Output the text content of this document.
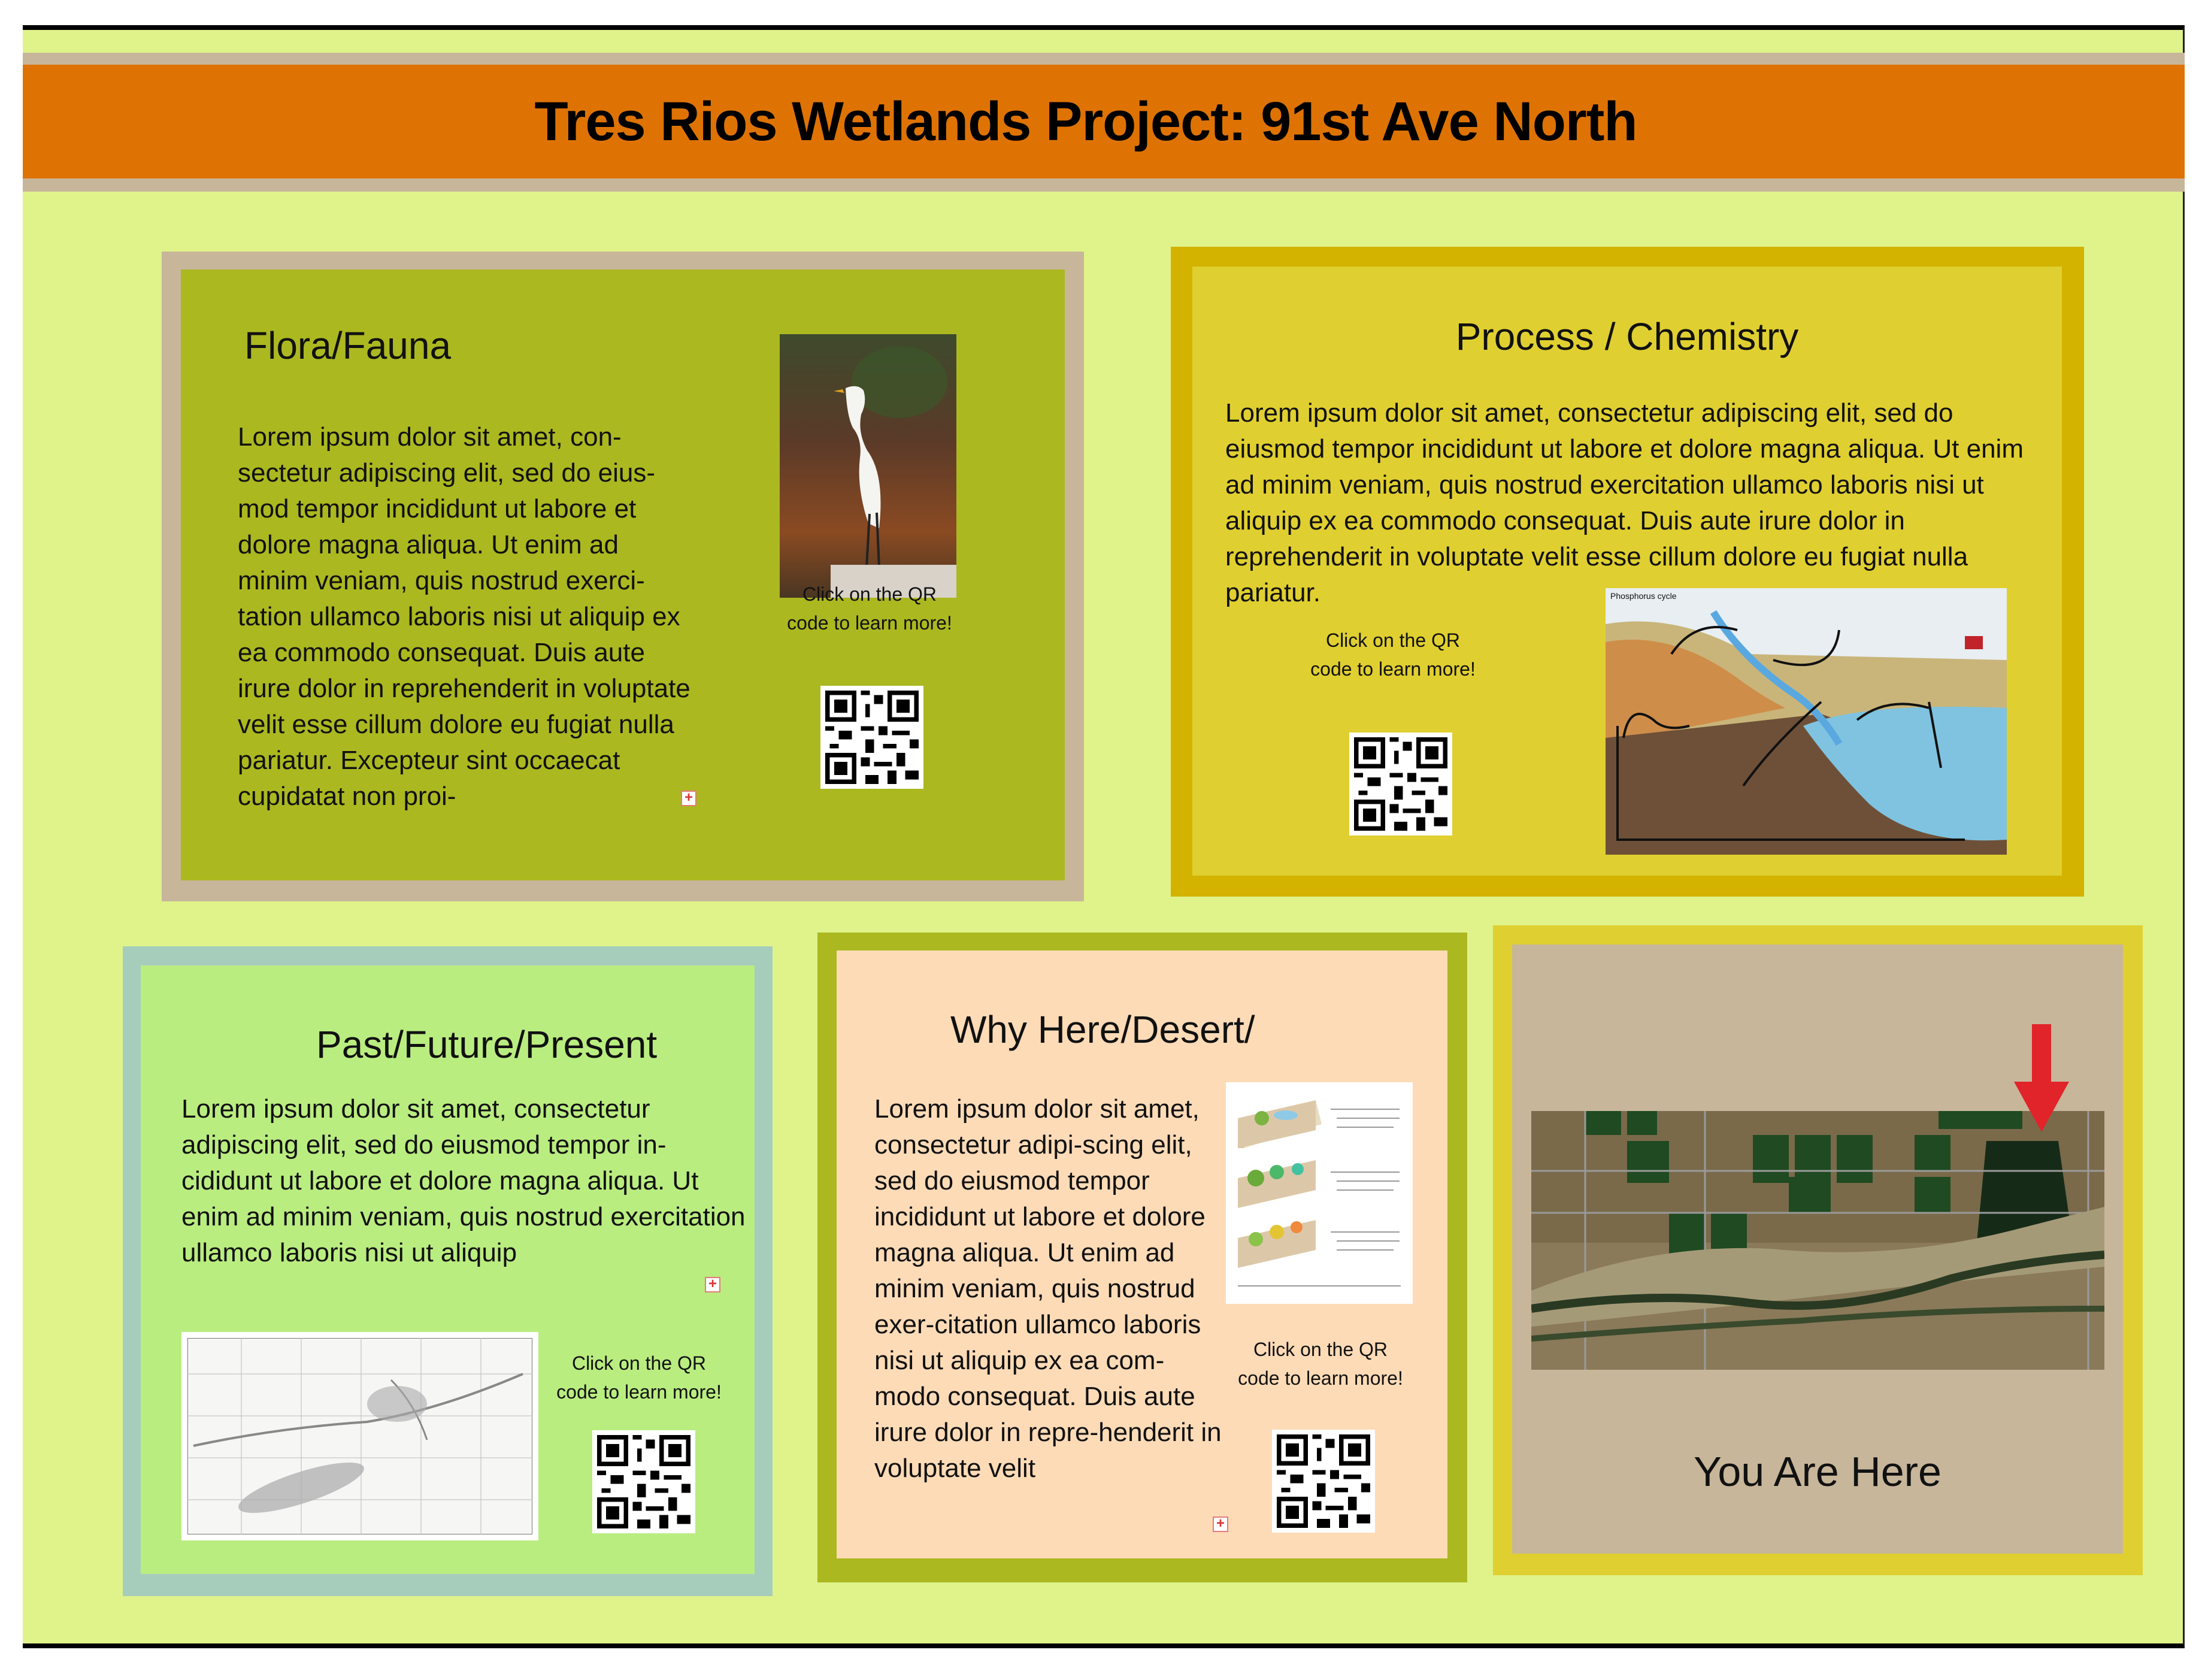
Tres Rios Wetlands Project: 91st Ave North
Flora/Fauna
Lorem ipsum dolor sit amet, con-sectetur adipiscing elit, sed do eius-mod tempor incididunt ut labore et dolore magna aliqua. Ut enim ad minim veniam, quis nostrud exerci-tation ullamco laboris nisi ut aliquip ex ea commodo consequat. Duis aute irure dolor in reprehenderit in voluptate velit esse cillum dolore eu fugiat nulla pariatur. Excepteur sint occaecat cupidatat non proi-	+
Click on the QR
code to learn more!
Process / Chemistry
Lorem ipsum dolor sit amet, consectetur adipiscing elit, sed do eiusmod tempor incididunt ut labore et dolore magna aliqua. Ut enim ad minim veniam, quis nostrud exercitation ullamco laboris nisi ut aliquip ex ea commodo consequat. Duis aute irure dolor in reprehenderit in voluptate velit esse cillum dolore eu fugiat nulla pariatur.
Click on the QR
code to learn more!
Phosphorus cycle
Past/Future/Present
Lorem ipsum dolor sit amet, consectetur adipiscing elit, sed do eiusmod tempor in-cididunt ut labore et dolore magna aliqua. Ut enim ad minim veniam, quis nostrud exercitation ullamco laboris nisi ut aliquip
+
Click on the QR
code to learn more!
Why Here/Desert/
Lorem ipsum dolor sit amet, consectetur adipi-scing elit, sed do eiusmod tempor incididunt ut labore et dolore magna aliqua. Ut enim ad minim veniam, quis nostrud exer-citation ullamco laboris nisi ut aliquip ex ea com-modo consequat. Duis aute irure dolor in repre-henderit in voluptate velit
+
Click on the QR
code to learn more!
You Are Here
